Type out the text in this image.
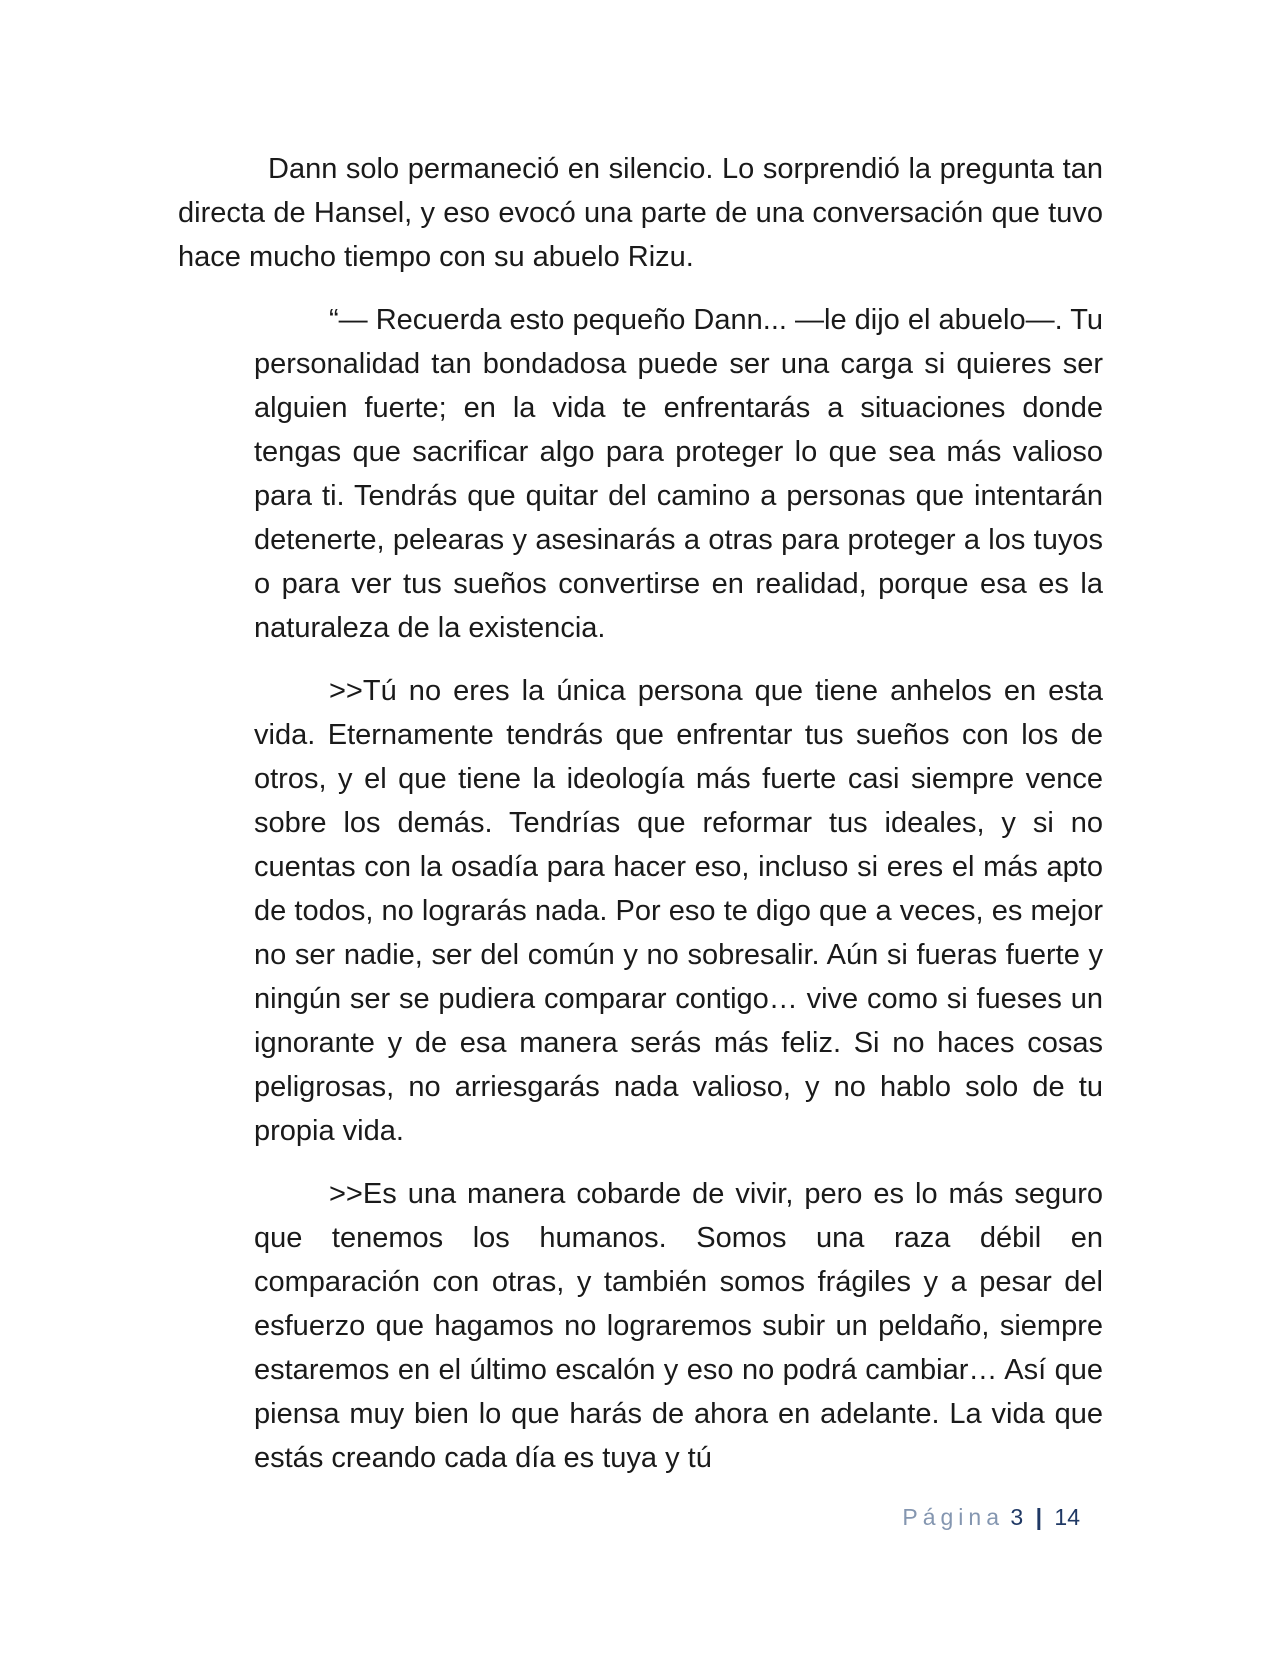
Dann solo permaneció en silencio. Lo sorprendió la pregunta tan directa de Hansel, y eso evocó una parte de una conversación que tuvo hace mucho tiempo con su abuelo Rizu.

“— Recuerda esto pequeño Dann... —le dijo el abuelo—. Tu personalidad tan bondadosa puede ser una carga si quieres ser alguien fuerte; en la vida te enfrentarás a situaciones donde tengas que sacrificar algo para proteger lo que sea más valioso para ti. Tendrás que quitar del camino a personas que intentarán detenerte, pelearas y asesinarás a otras para proteger a los tuyos o para ver tus sueños convertirse en realidad, porque esa es la naturaleza de la existencia.

>>Tú no eres la única persona que tiene anhelos en esta vida. Eternamente tendrás que enfrentar tus sueños con los de otros, y el que tiene la ideología más fuerte casi siempre vence sobre los demás. Tendrías que reformar tus ideales, y si no cuentas con la osadía para hacer eso, incluso si eres el más apto de todos, no lograrás nada. Por eso te digo que a veces, es mejor no ser nadie, ser del común y no sobresalir. Aún si fueras fuerte y ningún ser se pudiera comparar contigo… vive como si fueses un ignorante y de esa manera serás más feliz. Si no haces cosas peligrosas, no arriesgarás nada valioso, y no hablo solo de tu propia vida.

>>Es una manera cobarde de vivir, pero es lo más seguro que tenemos los humanos. Somos una raza débil en comparación con otras, y también somos frágiles y a pesar del esfuerzo que hagamos no lograremos subir un peldaño, siempre estaremos en el último escalón y eso no podrá cambiar… Así que piensa muy bien lo que harás de ahora en adelante. La vida que estás creando cada día es tuya y tú

Página 3 | 14
